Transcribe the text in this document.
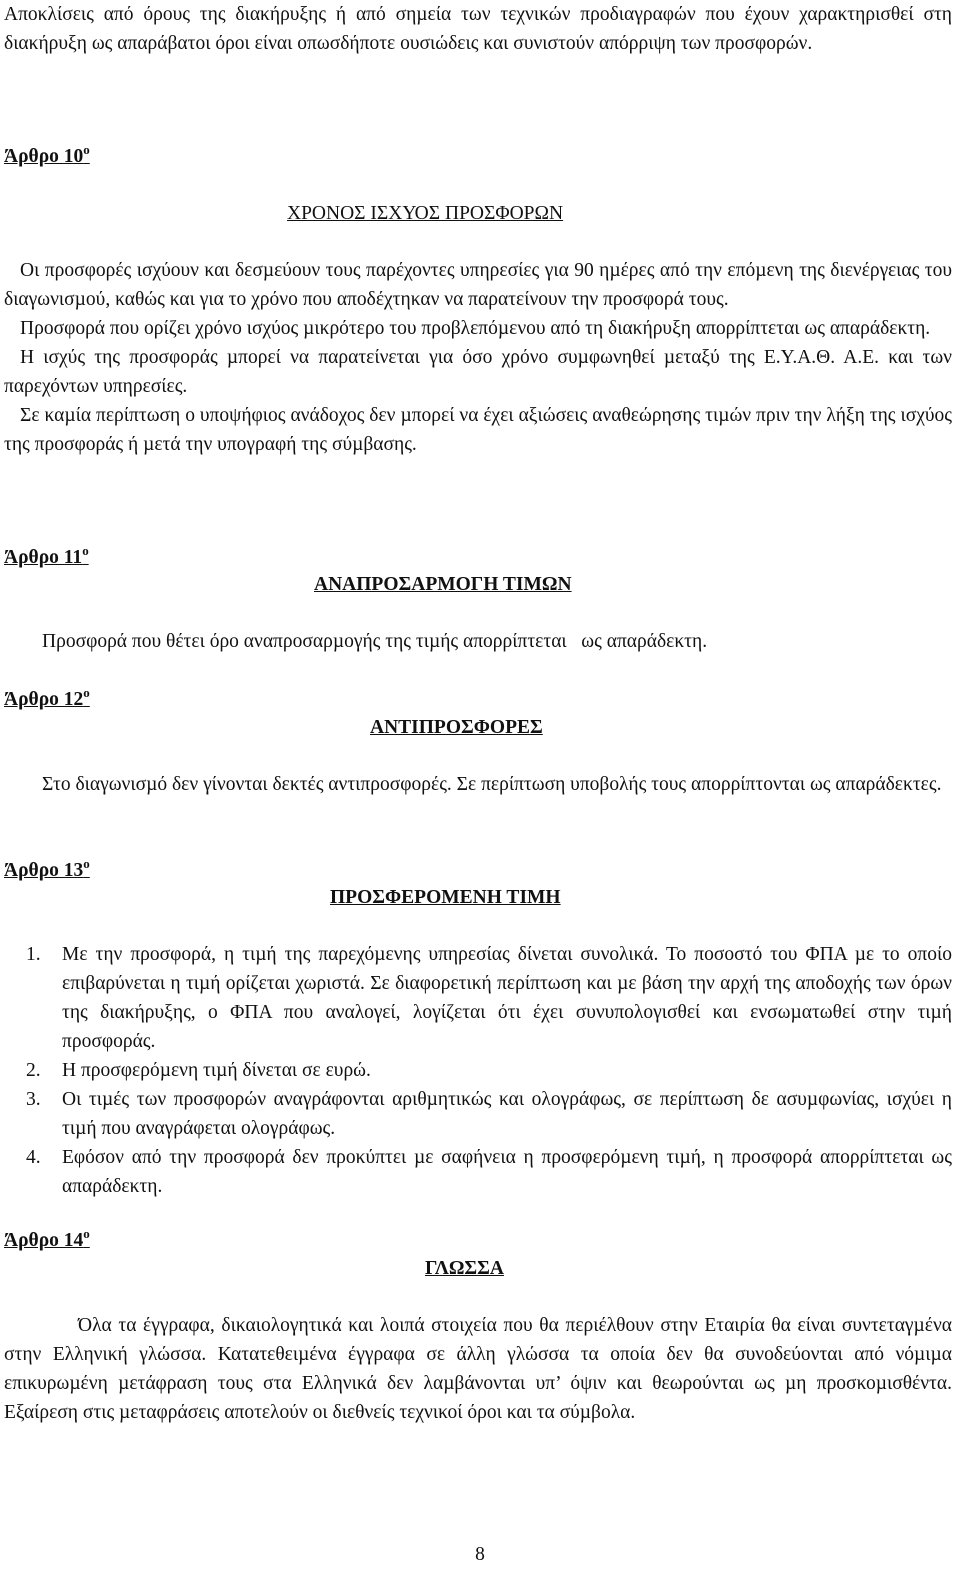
Αποκλίσεις από όρους της διακήρυξης ή από σηµεία των τεχνικών προδιαγραφών που έχουν χαρακτηρισθεί στη διακήρυξη ως απαράβατοι όροι είναι οπωσδήποτε ουσιώδεις και συνιστούν απόρριψη των προσφορών.

Άρθρο $10^o$
ΧΡΟΝΟΣ ΙΣΧΥΟΣ ΠΡΟΣΦΟΡΩΝ

Οι προσφορές ισχύουν και δεσµεύουν τους παρέχοντες υπηρεσίες για 90 ηµέρες από την επόµενη της διενέργειας του διαγωνισµού, καθώς και για το χρόνο που αποδέχτηκαν να παρατείνουν την προσφορά τους.

Προσφορά που ορίζει χρόνο ισχύος µικρότερο του προβλεπόµενου από τη διακήρυξη απορρίπτεται ως απαράδεκτη.

Η ισχύς της προσφοράς µπορεί να παρατείνεται για όσο χρόνο συµφωνηθεί µεταξύ της Ε.Υ.Α.Θ. Α.Ε. και των παρεχόντων υπηρεσίες.

Σε καµία περίπτωση ο υποψήφιος ανάδοχος δεν µπορεί να έχει αξιώσεις αναθεώρησης τιµών πριν την λήξη της ισχύος της προσφοράς ή µετά την υπογραφή της σύµβασης.

Άρθρο $11^o$
ΑΝΑΠΡΟΣΑΡΜΟΓΗ ΤΙΜΩΝ

Προσφορά που θέτει όρο αναπροσαρµογής της τιµής απορρίπτεται   ως απαράδεκτη.

Άρθρο $12^o$
ΑΝΤΙΠΡΟΣΦΟΡΕΣ

Στο διαγωνισµό δεν γίνονται δεκτές αντιπροσφορές. Σε περίπτωση υποβολής τους απορρίπτονται ως απαράδεκτες.

Άρθρο $13^o$
ΠΡΟΣΦΕΡΟΜΕΝΗ ΤΙΜΗ
1. Με την προσφορά, η τιµή της παρεχόµενης υπηρεσίας δίνεται συνολικά. Το ποσοστό του ΦΠΑ µε το οποίο επιβαρύνεται η τιµή ορίζεται χωριστά. Σε διαφορετική περίπτωση και µε βάση την αρχή της αποδοχής των όρων της διακήρυξης, ο ΦΠΑ που αναλογεί, λογίζεται ότι έχει συνυπολογισθεί και ενσωµατωθεί στην τιµή προσφοράς.
2. Η προσφερόµενη τιµή δίνεται σε ευρώ.
3. Οι τιµές των προσφορών αναγράφονται αριθµητικώς και ολογράφως, σε περίπτωση δε ασυµφωνίας, ισχύει η τιµή που αναγράφεται ολογράφως.
4. Εφόσον από την προσφορά δεν προκύπτει µε σαφήνεια η προσφερόµενη τιµή, η προσφορά απορρίπτεται ως απαράδεκτη.
Άρθρο $14^o$
ΓΛΩΣΣΑ

Όλα τα έγγραφα, δικαιολογητικά και λοιπά στοιχεία που θα περιέλθουν στην Εταιρία θα είναι συντεταγµένα στην Ελληνική γλώσσα. Κατατεθειµένα έγγραφα σε άλλη γλώσσα τα οποία δεν θα συνοδεύονται από νόµιµα επικυρωµένη µετάφραση τους στα Ελληνικά δεν λαµβάνονται υπ’ όψιν και θεωρούνται ως µη προσκοµισθέντα. Εξαίρεση στις µεταφράσεις αποτελούν οι διεθνείς τεχνικοί όροι και τα σύµβολα.

8
